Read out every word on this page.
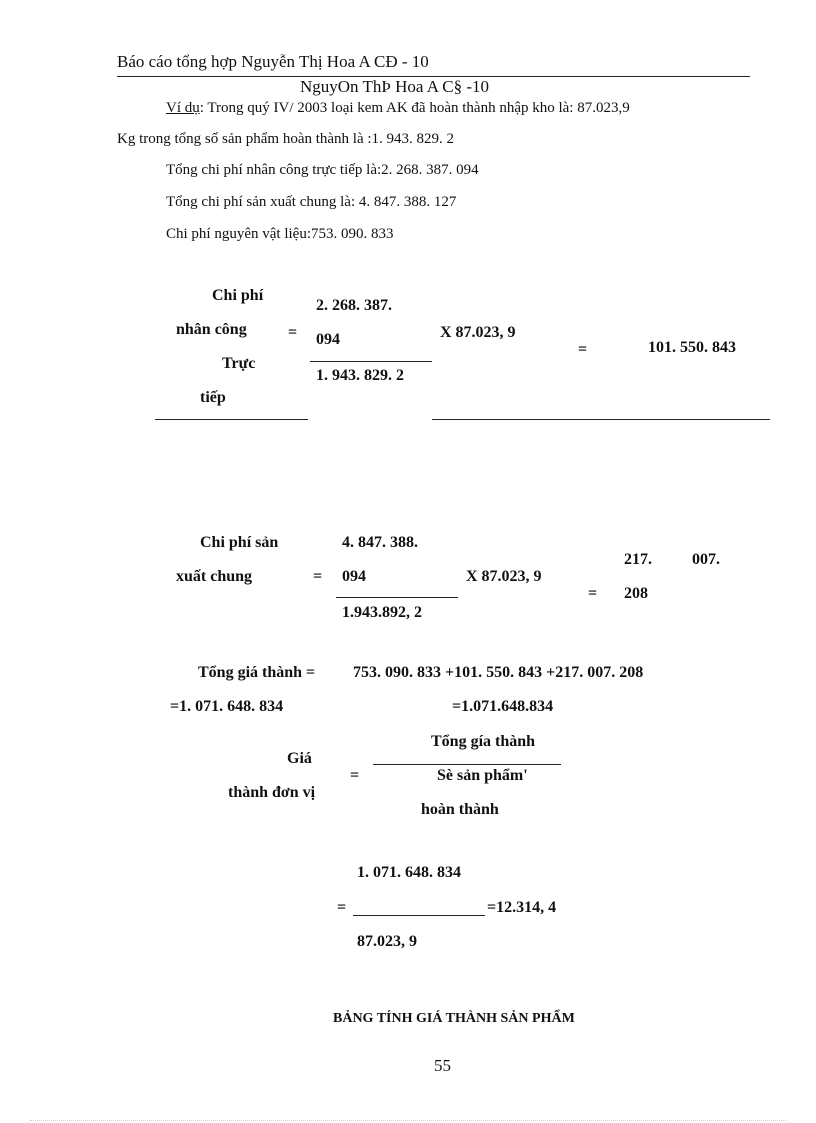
Báo cáo tổng hợp Nguyễn Thị Hoa A CĐ - 10
NguyOn ThÞ Hoa A C§ -10
Ví dụ: Trong quý IV/ 2003 loại kem AK đã hoàn thành nhập kho là: 87.023,9
Kg trong tổng số sản phẩm hoàn thành là :1. 943. 829. 2
Tổng chi phí nhân công trực tiếp là:2. 268. 387. 094
Tổng chi phí sản xuất chung là: 4. 847. 388. 127
Chi phí nguyên vật liệu:753. 090. 833
Chi phí
nhân công
Trực
tiếp
=
2. 268. 387.
094
1. 943. 829. 2
X 87.023, 9
=	101. 550. 843
Chi phí sản
xuất chung	=
4. 847. 388.
094
1.943.892, 2
X 87.023, 9
=
217.	007.
208
Tổng giá thành = 753. 090. 833 +101. 550. 843 +217. 007. 208
=1. 071. 648. 834	=1.071.648.834
Giá
thành đơn vị
=
Tổng gía thành
Sè sản phẩm'
hoàn thành
1. 071. 648. 834
=	=12.314, 4
87.023, 9
BẢNG TÍNH GIÁ THÀNH SẢN PHẨM
55
